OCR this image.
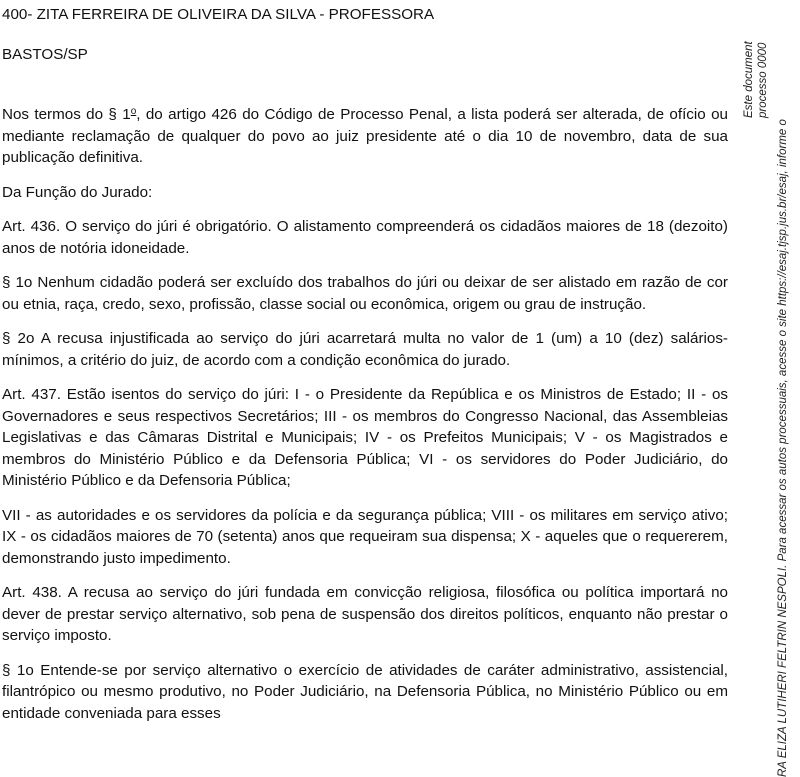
400- ZITA FERREIRA DE OLIVEIRA DA SILVA - PROFESSORA

BASTOS/SP

Nos termos do § 1$^o$, do artigo 426 do Código de Processo Penal, a lista poderá ser alterada, de ofício ou mediante reclamação de qualquer do povo ao juiz presidente até o dia 10 de novembro, data de sua publicação definitiva.

Da Função do Jurado:

Art. 436. O serviço do júri é obrigatório. O alistamento compreenderá os cidadãos maiores de 18 (dezoito) anos de notória idoneidade.

§ 1o Nenhum cidadão poderá ser excluído dos trabalhos do júri ou deixar de ser alistado em razão de cor ou etnia, raça, credo, sexo, profissão, classe social ou econômica, origem ou grau de instrução.

§ 2o A recusa injustificada ao serviço do júri acarretará multa no valor de 1 (um) a 10 (dez) salários-mínimos, a critério do juiz, de acordo com a condição econômica do jurado.

Art. 437. Estão isentos do serviço do júri: I - o Presidente da República e os Ministros de Estado; II - os Governadores e seus respectivos Secretários; III - os membros do Congresso Nacional, das Assembleias Legislativas e das Câmaras Distrital e Municipais; IV - os Prefeitos Municipais; V - os Magistrados e membros do Ministério Público e da Defensoria Pública; VI - os servidores do Poder Judiciário, do Ministério Público e da Defensoria Pública;

VII - as autoridades e os servidores da polícia e da segurança pública; VIII - os militares em serviço ativo; IX - os cidadãos maiores de 70 (setenta) anos que requeiram sua dispensa; X - aqueles que o requererem, demonstrando justo impedimento.

Art. 438. A recusa ao serviço do júri fundada em convicção religiosa, filosófica ou política importará no dever de prestar serviço alternativo, sob pena de suspensão dos direitos políticos, enquanto não prestar o serviço imposto.

§ 1o Entende-se por serviço alternativo o exercício de atividades de caráter administrativo, assistencial, filantrópico ou mesmo produtivo, no Poder Judiciário, na Defensoria Pública, no Ministério Público ou em entidade conveniada para esses

Este document processo 0000
RA ELIZA LUTIHERI FELTRIN NESPOLI. Para acessar os autos processuais, acesse o site https://esaj.tjsp.jus.br/esaj, informe o
